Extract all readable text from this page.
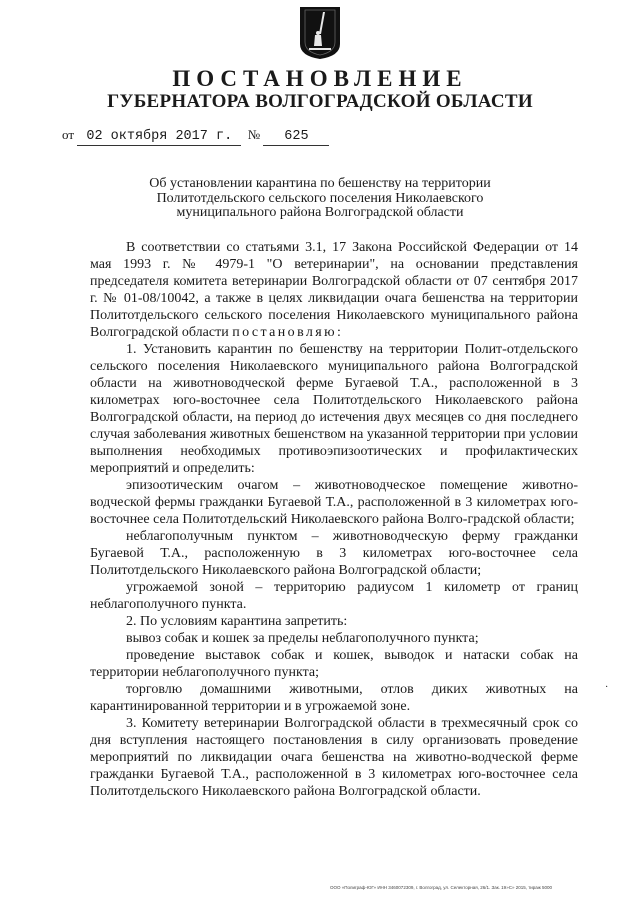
ПОСТАНОВЛЕНИЕ
ГУБЕРНАТОРА ВОЛГОГРАДСКОЙ ОБЛАСТИ
от 02 октября 2017 г. № 625
Об установлении карантина по бешенству на территории
Политотдельского сельского поселения Николаевского
муниципального района Волгоградской области

В соответствии со статьями 3.1, 17 Закона Российской Федерации от 14 мая 1993 г. № 4979-1 "О ветеринарии", на основании представления председателя комитета ветеринарии Волгоградской области от 07 сентября 2017 г. № 01-08/10042, а также в целях ликвидации очага бешенства на территории Политотдельского сельского поселения Николаевского муниципального района Волгоградской области постановляю:

1. Установить карантин по бешенству на территории Полит-отдельского сельского поселения Николаевского муниципального района Волгоградской области на животноводческой ферме Бугаевой Т.А., расположенной в 3 километрах юго-восточнее села Политотдельского Николаевского района Волгоградской области, на период до истечения двух месяцев со дня последнего случая заболевания животных бешенством на указанной территории при условии выполнения необходимых противоэпизоотических и профилактических мероприятий и определить:

эпизоотическим очагом – животноводческое помещение животно-водческой фермы гражданки Бугаевой Т.А., расположенной в 3 километрах юго-восточнее села Политотдельский Николаевского района Волго-градской области;

неблагополучным пунктом – животноводческую ферму гражданки Бугаевой Т.А., расположенную в 3 километрах юго-восточнее села Политотдельского Николаевского района Волгоградской области;

угрожаемой зоной – территорию радиусом 1 километр от границ неблагополучного пункта.

2. По условиям карантина запретить:

вывоз собак и кошек за пределы неблагополучного пункта;

проведение выставок собак и кошек, выводок и натаски собак на территории неблагополучного пункта;

торговлю домашними животными, отлов диких животных на карантинированной территории и в угрожаемой зоне.

3. Комитету ветеринарии Волгоградской области в трехмесячный срок со дня вступления настоящего постановления в силу организовать проведение мероприятий по ликвидации очага бешенства на животно-водческой ферме гражданки Бугаевой Т.А., расположенной в 3 километрах юго-восточнее села Политотдельского Николаевского района Волгоградской области.

·
ООО «Полиграф-ЮГ» ИНН 3460072309, г. Волгоград, ул. Селекторная, 26/1. Зак. 19»С» 2015, тираж 5000
